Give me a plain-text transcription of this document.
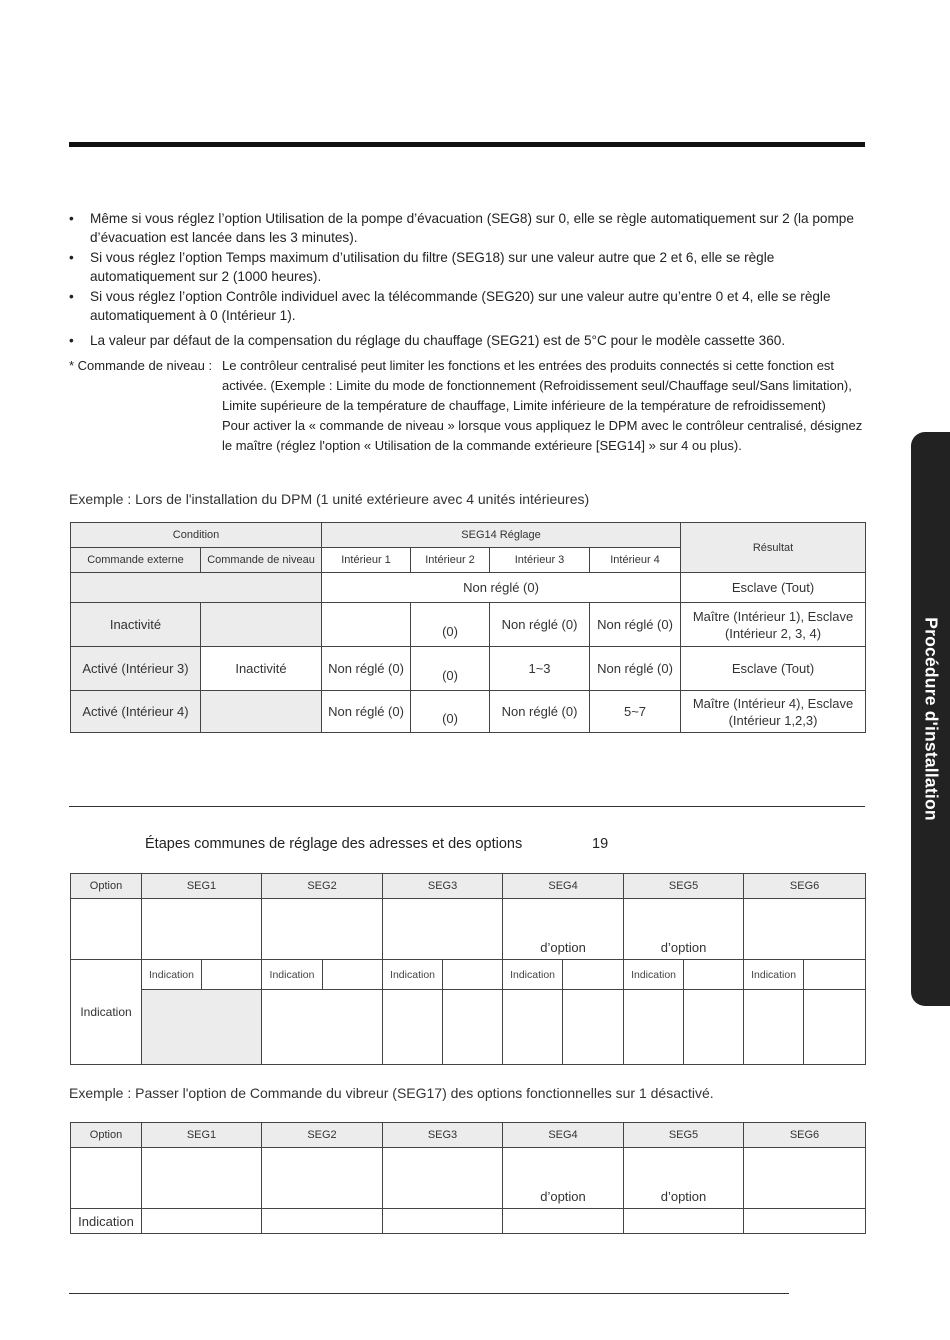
• Même si vous réglez l’option Utilisation de la pompe d’évacuation (SEG8) sur 0, elle se règle automatiquement sur 2 (la pompe d’évacuation est lancée dans les 3 minutes).
• Si vous réglez l’option Temps maximum d’utilisation du filtre (SEG18) sur une valeur autre que 2 et 6, elle se règle automatiquement sur 2 (1000 heures).
• Si vous réglez l’option Contrôle individuel avec la télécommande (SEG20) sur une valeur autre qu’entre 0 et 4, elle se règle automatiquement à 0 (Intérieur 1).
• La valeur par défaut de la compensation du réglage du chauffage (SEG21) est de 5°C pour le modèle cassette 360.
* Commande de niveau : Le contrôleur centralisé peut limiter les fonctions et les entrées des produits connectés si cette fonction est activée. (Exemple : Limite du mode de fonctionnement (Refroidissement seul/Chauffage seul/Sans limitation), Limite supérieure de la température de chauffage, Limite inférieure de la température de refroidissement)
Pour activer la « commande de niveau » lorsque vous appliquez le DPM avec le contrôleur centralisé, désignez le maître (réglez l'option « Utilisation de la commande extérieure [SEG14] » sur 4 ou plus).
Exemple : Lors de l'installation du DPM (1 unité extérieure avec 4 unités intérieures)
Condition		SEG14 Réglage				Résultat
Commande externe	Commande de niveau	Intérieur 1	Intérieur 2	Intérieur 3	Intérieur 4	
		Non réglé (0)				Esclave (Tout)
Inactivité			(0)	Non réglé (0)	Non réglé (0)	Maître (Intérieur 1), Esclave (Intérieur 2, 3, 4)
Activé (Intérieur 3)	Inactivité	Non réglé (0)	(0)	1~3	Non réglé (0)	Esclave (Tout)
Activé (Intérieur 4)		Non réglé (0)	(0)	Non réglé (0)	5~7	Maître (Intérieur 4), Esclave (Intérieur 1,2,3)
Étapes communes de réglage des adresses et des options	19
Option	SEG1		SEG2		SEG3		SEG4		SEG5		SEG6	
							d’option		d’option			
Indication	Indication		Indication		Indication		Indication		Indication		Indication	

Exemple : Passer l'option de Commande du vibreur (SEG17) des options fonctionnelles sur 1 désactivé.
Option	SEG1	SEG2	SEG3	SEG4	SEG5	SEG6
				d’option	d’option	
Indication						
Procédure d'installation
